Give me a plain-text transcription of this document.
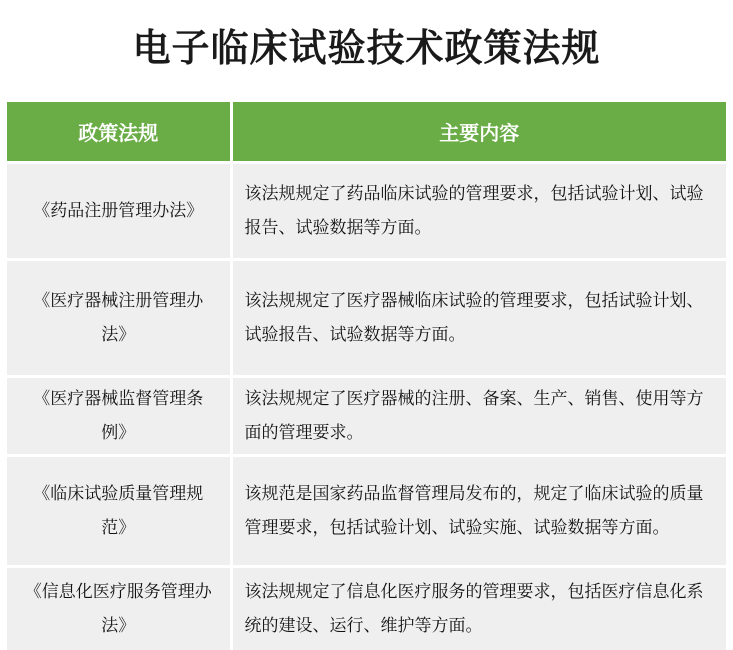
电子临床试验技术政策法规
政策法规	主要内容
《药品注册管理办法》	该法规规定了药品临床试验的管理要求，包括试验计划、试验报告、试验数据等方面。
《医疗器械注册管理办法》	该法规规定了医疗器械临床试验的管理要求，包括试验计划、试验报告、试验数据等方面。
《医疗器械监督管理条例》	该法规规定了医疗器械的注册、备案、生产、销售、使用等方面的管理要求。
《临床试验质量管理规范》	该规范是国家药品监督管理局发布的，规定了临床试验的质量管理要求，包括试验计划、试验实施、试验数据等方面。
《信息化医疗服务管理办法》	该法规规定了信息化医疗服务的管理要求，包括医疗信息化系统的建设、运行、维护等方面。
